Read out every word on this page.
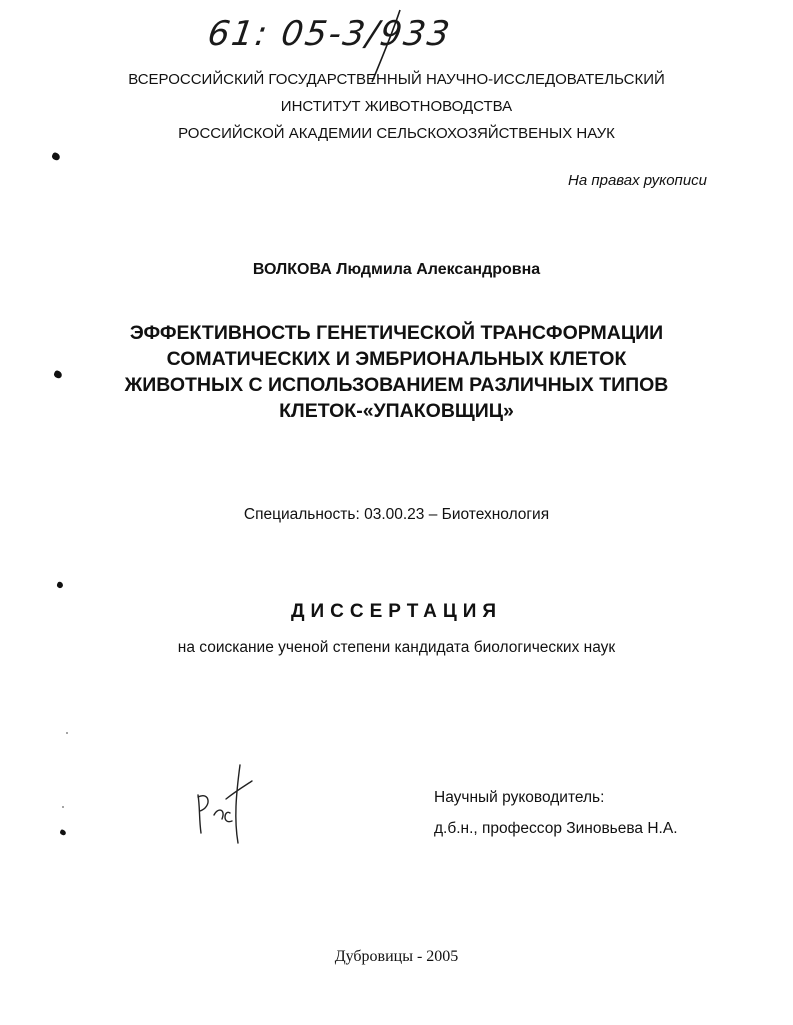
61: 05-3/933
ВСЕРОССИЙСКИЙ ГОСУДАРСТВЕННЫЙ НАУЧНО-ИССЛЕДОВАТЕЛЬСКИЙ
ИНСТИТУТ ЖИВОТНОВОДСТВА
РОССИЙСКОЙ АКАДЕМИИ СЕЛЬСКОХОЗЯЙСТВЕНЫХ НАУК
На правах рукописи
ВОЛКОВА Людмила Александровна
ЭФФЕКТИВНОСТЬ ГЕНЕТИЧЕСКОЙ ТРАНСФОРМАЦИИ
СОМАТИЧЕСКИХ И ЭМБРИОНАЛЬНЫХ КЛЕТОК
ЖИВОТНЫХ С ИСПОЛЬЗОВАНИЕМ РАЗЛИЧНЫХ ТИПОВ
КЛЕТОК-«УПАКОВЩИЦ»
Специальность: 03.00.23 – Биотехнология
ДИССЕРТАЦИЯ
на соискание ученой степени кандидата биологических наук
Научный руководитель:
д.б.н., профессор Зиновьева Н.А.
Дубровицы - 2005
